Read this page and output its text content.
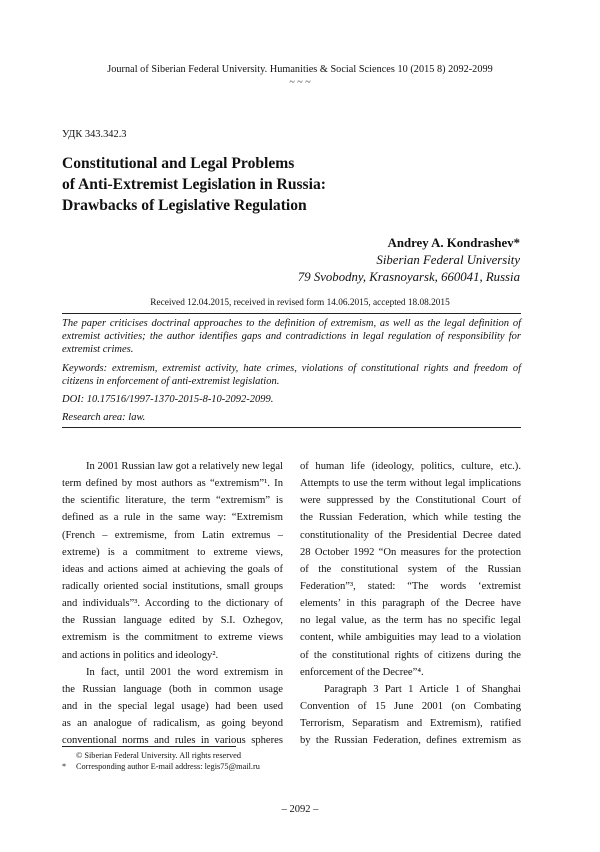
Journal of Siberian Federal University. Humanities & Social Sciences 10 (2015 8) 2092-2099
~ ~ ~
УДК 343.342.3
Constitutional and Legal Problems
of Anti-Extremist Legislation in Russia:
Drawbacks of Legislative Regulation
Andrey A. Kondrashev*
Siberian Federal University
79 Svobodny, Krasnoyarsk, 660041, Russia
Received 12.04.2015, received in revised form 14.06.2015, accepted 18.08.2015

The paper criticises doctrinal approaches to the definition of extremism, as well as the legal definition of extremist activities; the author identifies gaps and contradictions in legal regulation of responsibility for extremist crimes.

Keywords: extremism, extremist activity, hate crimes, violations of constitutional rights and freedom of citizens in enforcement of anti-extremist legislation.

DOI: 10.17516/1997-1370-2015-8-10-2092-2099.

Research area: law.

In 2001 Russian law got a relatively new legal
term defined by most authors as “extremism”¹. In
the scientific literature, the term “extremism” is
defined as a rule in the same way: “Extremism
(French – extremisme, from Latin extremus –
extreme) is a commitment to extreme views,
ideas and actions aimed at achieving the goals of
radically oriented social institutions, small groups
and individuals”³. According to the dictionary of
the Russian language edited by S.I. Ozhegov,
extremism is the commitment to extreme views
and actions in politics and ideology².
In fact, until 2001 the word extremism in
the Russian language (both in common usage
and in the special legal usage) had been used
as an analogue of radicalism, as going beyond
conventional norms and rules in various spheres
of human life (ideology, politics, culture, etc.).
Attempts to use the term without legal implications
were suppressed by the Constitutional Court of
the Russian Federation, which while testing the
constitutionality of the Presidential Decree dated
28 October 1992 “On measures for the protection
of the constitutional system of the Russian
Federation”³, stated: “The words ‘extremist
elements’ in this paragraph of the Decree have
no legal value, as the term has no specific legal
content, while ambiguities may lead to a violation
of the constitutional rights of citizens during the
enforcement of the Decree”⁴.
Paragraph 3 Part 1 Article 1 of Shanghai
Convention of 15 June 2001 (on Combating
Terrorism, Separatism and Extremism), ratified
by the Russian Federation, defines extremism as
© Siberian Federal University. All rights reserved
*	Corresponding author E-mail address: legis75@mail.ru
– 2092 –
